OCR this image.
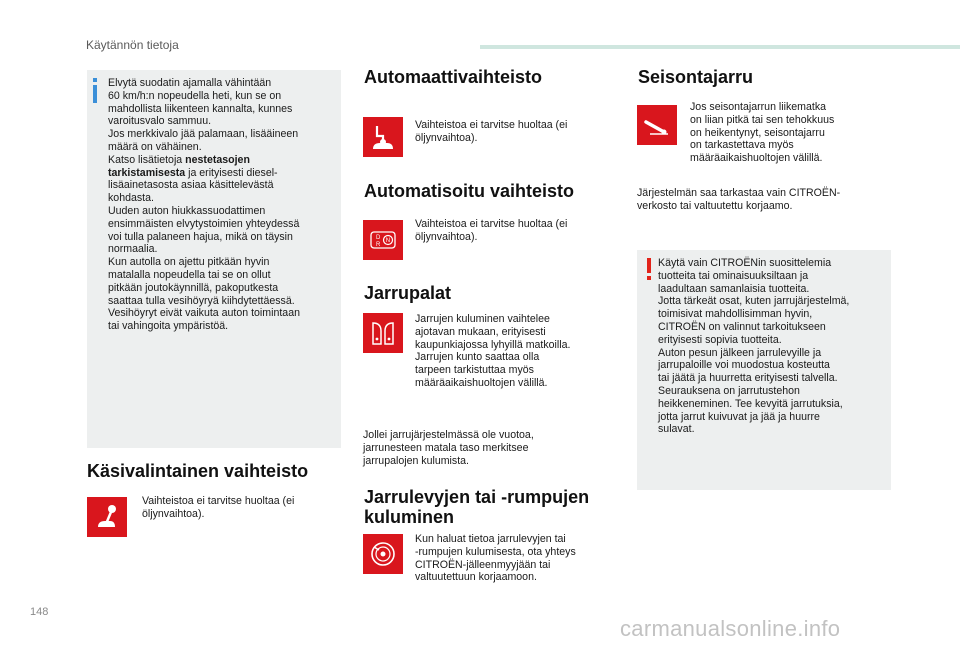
Käytännön tietoja

Elvytä suodatin ajamalla vähintään

60 km/h:n nopeudella heti, kun se on

mahdollista liikenteen kannalta, kunnes

varoitusvalo sammuu.

Jos merkkivalo jää palamaan, lisääineen

määrä on vähäinen.

Katso lisätietoja nestetasojen

tarkistamisesta ja erityisesti diesel-

lisäainetasosta asiaa käsittelevästä

kohdasta.

Uuden auton hiukkassuodattimen

ensimmäisten elvytystoimien yhteydessä

voi tulla palaneen hajua, mikä on täysin

normaalia.

Kun autolla on ajettu pitkään hyvin

matalalla nopeudella tai se on ollut

pitkään joutokäynnillä, pakoputkesta

saattaa tulla vesihöyryä kiihdytettäessä.

Vesihöyryt eivät vaikuta auton toimintaan

tai vahingoita ympäristöä.

Käsivalintainen vaihteisto

Vaihteistoa ei tarvitse huoltaa (ei

öljynvaihtoa).

Automaattivaihteisto

Vaihteistoa ei tarvitse huoltaa (ei

öljynvaihtoa).

Automatisoitu vaihteisto
D
R
N

Vaihteistoa ei tarvitse huoltaa (ei

öljynvaihtoa).

Jarrupalat

Jarrujen kuluminen vaihtelee

ajotavan mukaan, erityisesti

kaupunkiajossa lyhyillä matkoilla.

Jarrujen kunto saattaa olla

tarpeen tarkistuttaa myös

määräaikaishuoltojen välillä.

Jollei jarrujärjestelmässä ole vuotoa,

jarrunesteen matala taso merkitsee

jarrupalojen kulumista.

Jarrulevyjen tai -rumpujen
kuluminen

Kun haluat tietoa jarrulevyjen tai

-rumpujen kulumisesta, ota yhteys

CITROËN-jälleenmyyjään tai

valtuutettuun korjaamoon.

Seisontajarru

Jos seisontajarrun liikematka

on liian pitkä tai sen tehokkuus

on heikentynyt, seisontajarru

on tarkastettava myös

määräaikaishuoltojen välillä.

Järjestelmän saa tarkastaa vain CITROËN-

verkosto tai valtuutettu korjaamo.

Käytä vain CITROËNin suosittelemia

tuotteita tai ominaisuuksiltaan ja

laadultaan samanlaisia tuotteita.

Jotta tärkeät osat, kuten jarrujärjestelmä,

toimisivat mahdollisimman hyvin,

CITROËN on valinnut tarkoitukseen

erityisesti sopivia tuotteita.

Auton pesun jälkeen jarrulevyille ja

jarrupaloille voi muodostua kosteutta

tai jäätä ja huurretta erityisesti talvella.

Seurauksena on jarrutustehon

heikkeneminen. Tee kevyitä jarrutuksia,

jotta jarrut kuivuvat ja jää ja huurre

sulavat.

148
carmanualsonline.info
